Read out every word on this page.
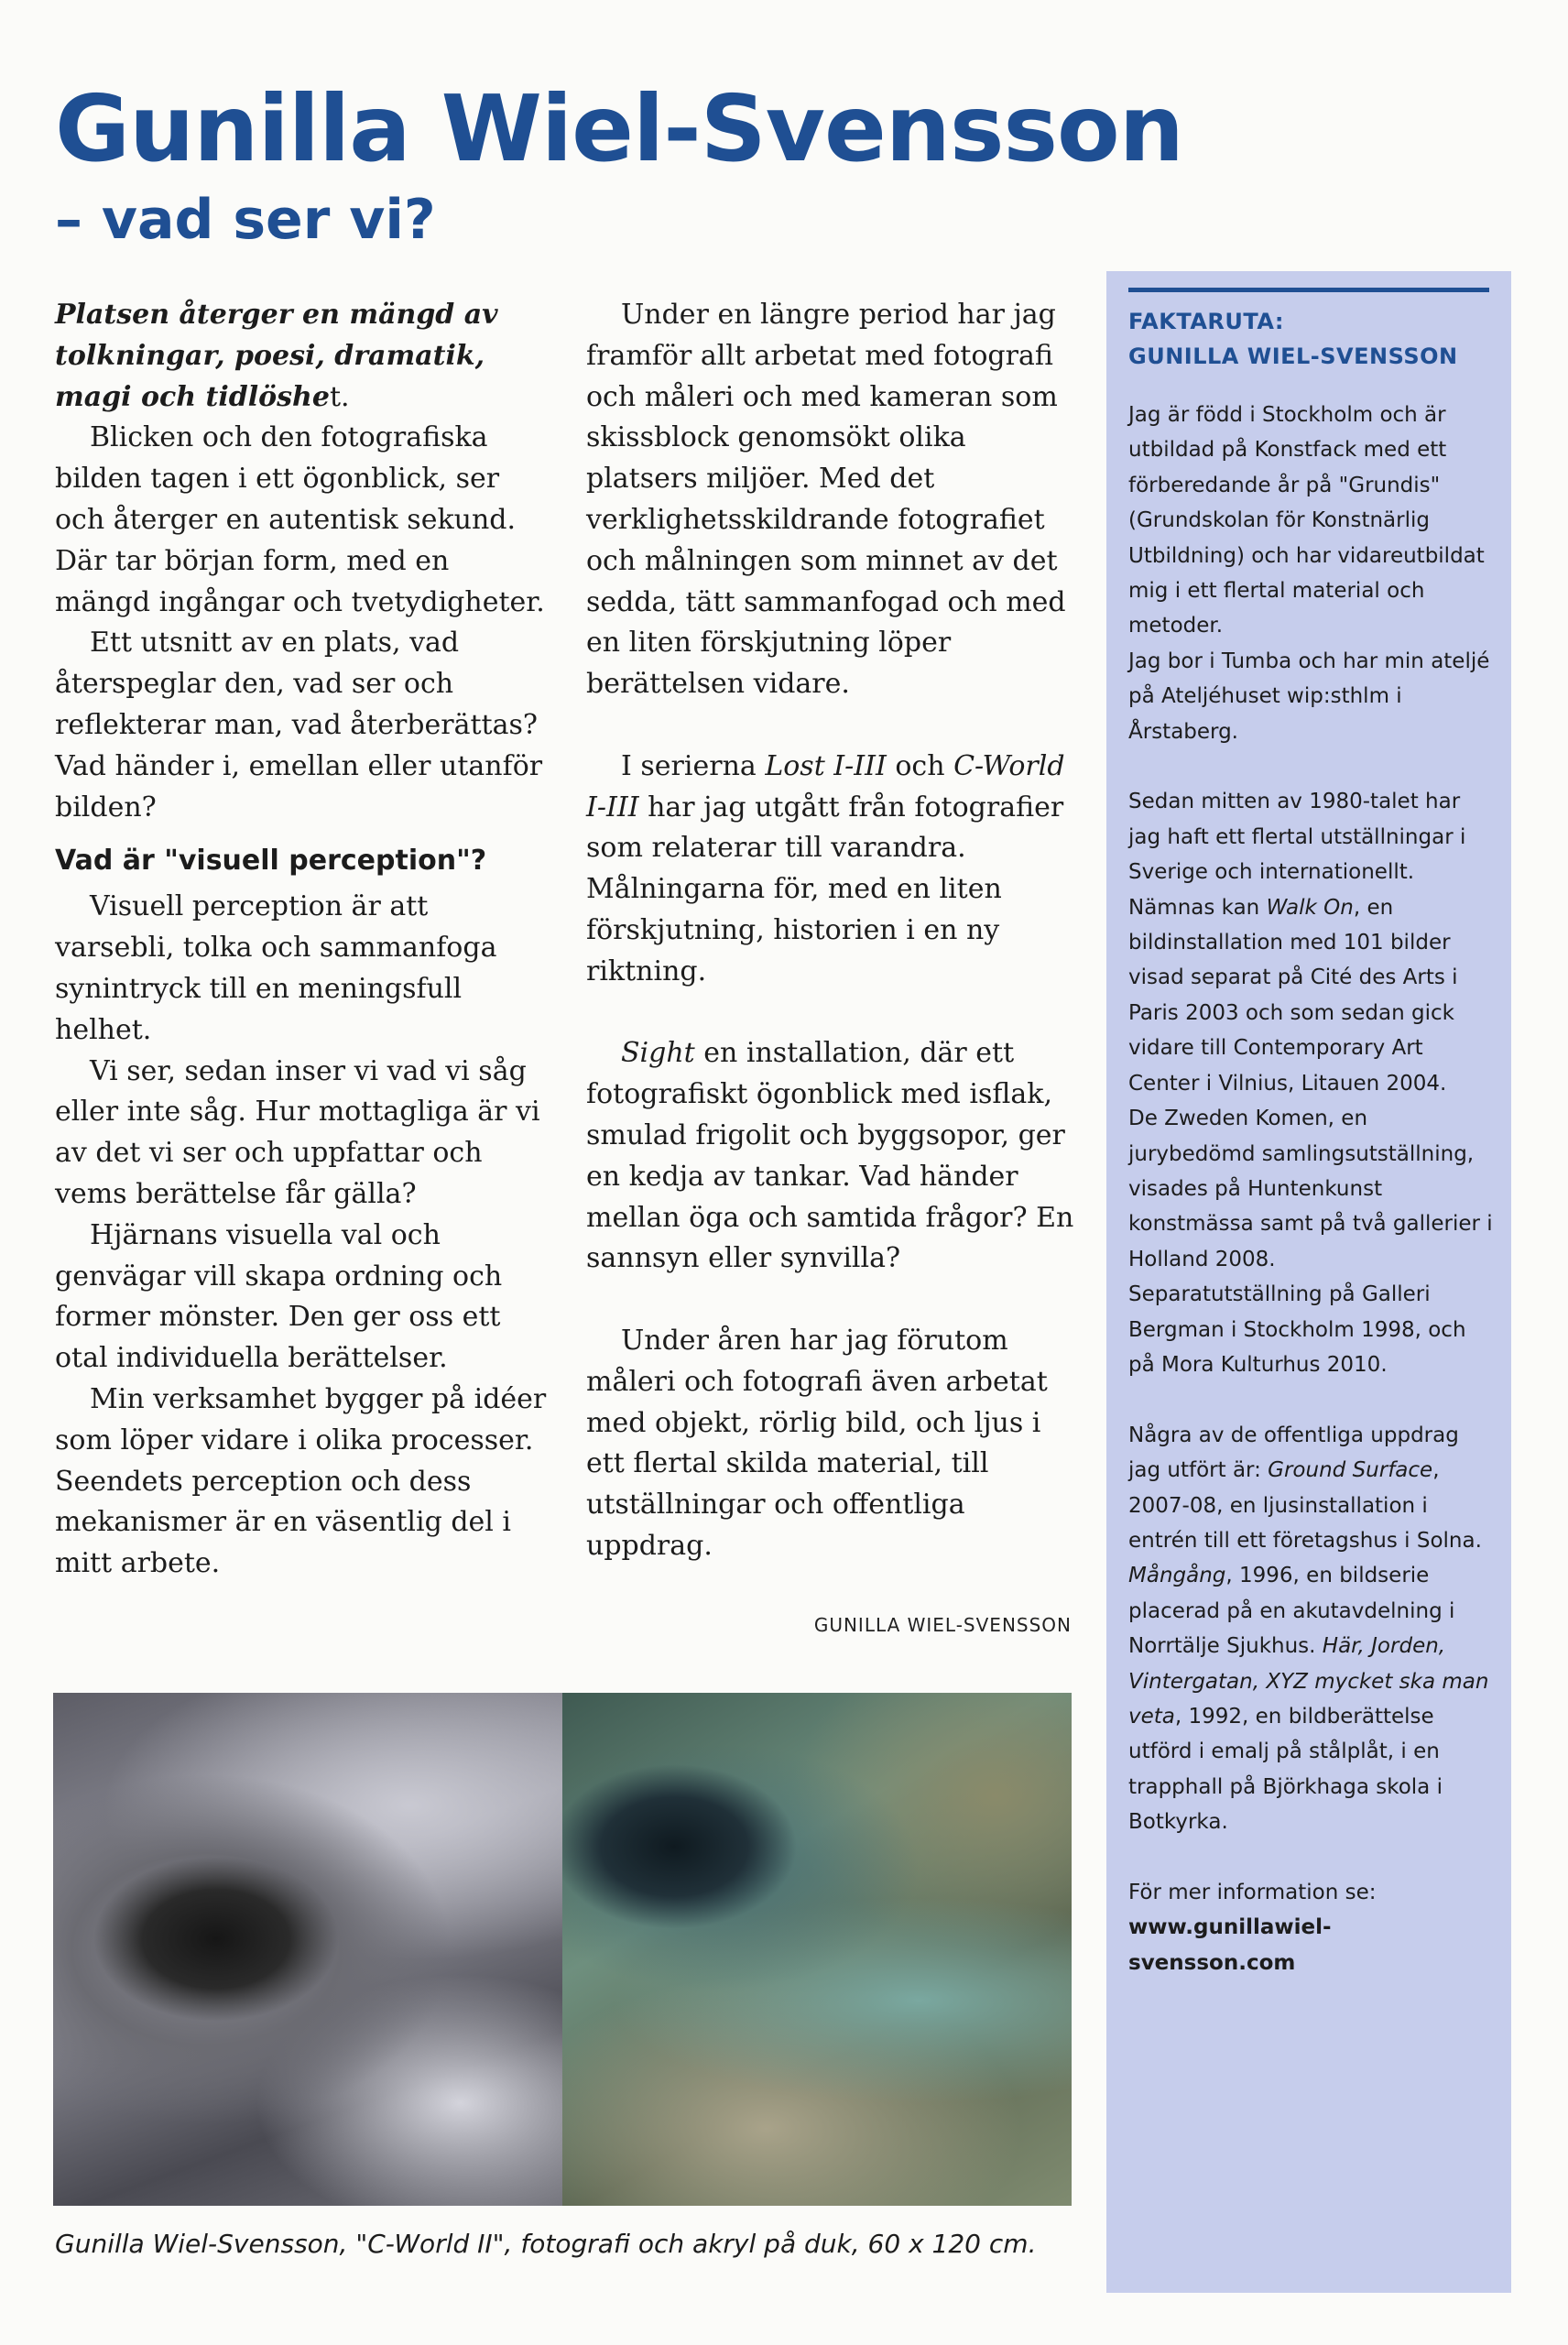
Gunilla Wiel-Svensson
– vad ser vi?

Platsen återger en mängd av tolkningar, poesi, dramatik, magi och tidlöshet.

Blicken och den fotografiska bilden tagen i ett ögonblick, ser och återger en autentisk sekund. Där tar början form, med en mängd ingångar och tvetydigheter.

Ett utsnitt av en plats, vad återspeglar den, vad ser och reflekterar man, vad återberättas? Vad händer i, emellan eller utanför bilden?

Vad är "visuell perception"?

Visuell perception är att varsebli, tolka och sammanfoga synintryck till en meningsfull helhet.

Vi ser, sedan inser vi vad vi såg eller inte såg. Hur mottagliga är vi av det vi ser och uppfattar och vems berättelse får gälla?

Hjärnans visuella val och genvägar vill skapa ordning och former mönster. Den ger oss ett otal individuella berättelser.

Min verksamhet bygger på idéer som löper vidare i olika processer. Seendets perception och dess mekanismer är en väsentlig del i mitt arbete.

Under en längre period har jag framför allt arbetat med fotografi och måleri och med kameran som skissblock genomsökt olika platsers miljöer. Med det verklighetsskildrande fotografiet och målningen som minnet av det sedda, tätt sammanfogad och med en liten förskjutning löper berättelsen vidare.

I serierna Lost I-III och C-World I-III har jag utgått från fotografier som relaterar till varandra. Målningarna för, med en liten förskjutning, historien i en ny riktning.

Sight en installation, där ett fotografiskt ögonblick med isflak, smulad frigolit och byggsopor, ger en kedja av tankar. Vad händer mellan öga och samtida frågor? En sannsyn eller synvilla?

Under åren har jag förutom måleri och fotografi även arbetat med objekt, rörlig bild, och ljus i ett flertal skilda material, till utställningar och offentliga uppdrag.

GUNILLA WIEL-SVENSSON
FAKTARUTA:
GUNILLA WIEL-SVENSSON

Jag är född i Stockholm och är utbildad på Konstfack med ett förberedande år på "Grundis" (Grundskolan för Konstnärlig Utbildning) och har vidareutbildat mig i ett flertal material och metoder.

Jag bor i Tumba och har min ateljé på Ateljéhuset wip:sthlm i Årstaberg.

Sedan mitten av 1980-talet har jag haft ett flertal utställningar i Sverige och internationellt. Nämnas kan Walk On, en bildinstallation med 101 bilder visad separat på Cité des Arts i Paris 2003 och som sedan gick vidare till Contemporary Art Center i Vilnius, Litauen 2004.

De Zweden Komen, en jurybedömd samlingsutställning, visades på Huntenkunst konstmässa samt på två gallerier i Holland 2008.

Separatutställning på Galleri Bergman i Stockholm 1998, och på Mora Kulturhus 2010.

Några av de offentliga uppdrag jag utfört är: Ground Surface, 2007-08, en ljusinstallation i entrén till ett företagshus i Solna. Mångång, 1996, en bildserie placerad på en akutavdelning i Norrtälje Sjukhus. Här, Jorden, Vintergatan, XYZ mycket ska man veta, 1992, en bildberättelse utförd i emalj på stålplåt, i en trapphall på Björkhaga skola i Botkyrka.

För mer information se:

www.gunillawiel-svensson.com

Gunilla Wiel-Svensson, "C-World II", fotografi och akryl på duk, 60 x 120 cm.
